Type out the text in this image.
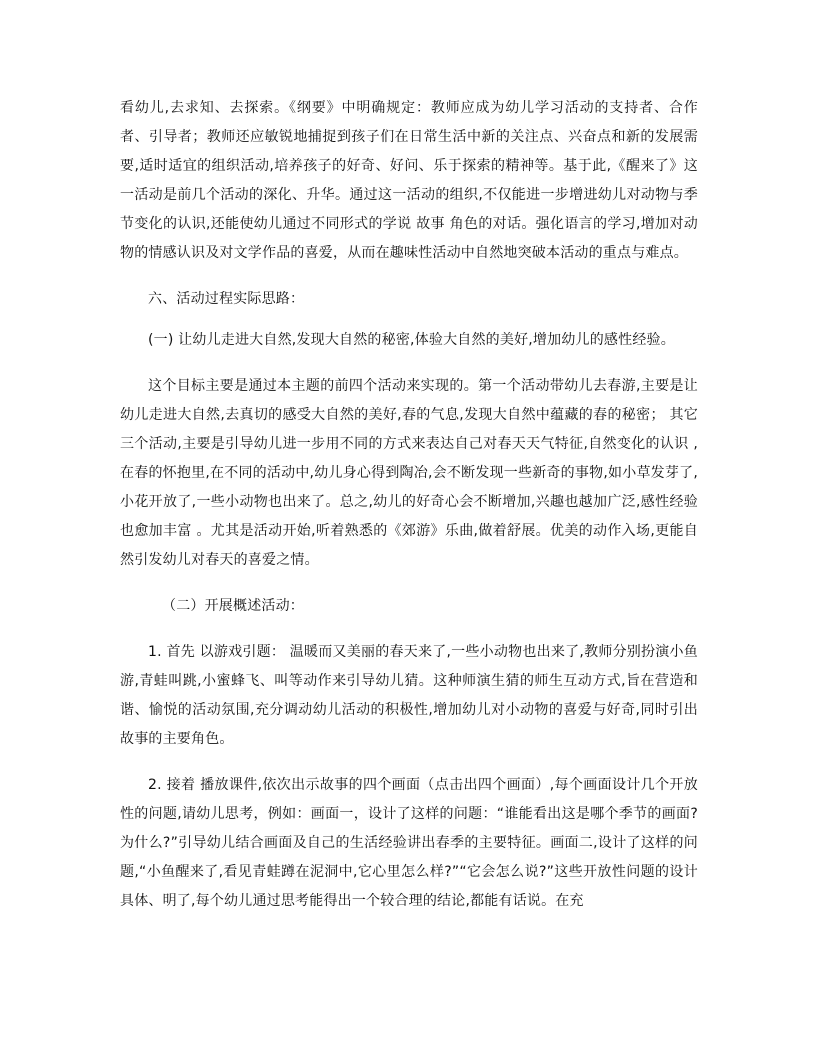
看幼儿,去求知、去探索。《纲要》中明确规定：教师应成为幼儿学习活动的支持者、合作者、引导者；教师还应敏锐地捕捉到孩子们在日常生活中新的关注点、兴奋点和新的发展需要,适时适宜的组织活动,培养孩子的好奇、好问、乐于探索的精神等。基于此,《醒来了》这一活动是前几个活动的深化、升华。通过这一活动的组织,不仅能进一步增进幼儿对动物与季节变化的认识,还能使幼儿通过不同形式的学说 故事 角色的对话。强化语言的学习,增加对动物的情感认识及对文学作品的喜爱，从而在趣味性活动中自然地突破本活动的重点与难点。

六、活动过程实际思路：

(一) 让幼儿走进大自然,发现大自然的秘密,体验大自然的美好,增加幼儿的感性经验。

这个目标主要是通过本主题的前四个活动来实现的。第一个活动带幼儿去春游,主要是让幼儿走进大自然,去真切的感受大自然的美好,春的气息,发现大自然中蕴藏的春的秘密； 其它三个活动,主要是引导幼儿进一步用不同的方式来表达自己对春天天气特征,自然变化的认识 ,在春的怀抱里,在不同的活动中,幼儿身心得到陶冶,会不断发现一些新奇的事物,如小草发芽了,小花开放了,一些小动物也出来了。总之,幼儿的好奇心会不断增加,兴趣也越加广泛,感性经验也愈加丰富 。尤其是活动开始,听着熟悉的《郊游》乐曲,做着舒展。优美的动作入场,更能自然引发幼儿对春天的喜爱之情。

（二）开展概述活动：

1. 首先 以游戏引题： 温暖而又美丽的春天来了,一些小动物也出来了,教师分别扮演小鱼游,青蛙叫跳,小蜜蜂飞、叫等动作来引导幼儿猜。这种师演生猜的师生互动方式,旨在营造和谐、愉悦的活动氛围,充分调动幼儿活动的积极性,增加幼儿对小动物的喜爱与好奇,同时引出故事的主要角色。

2. 接着 播放课件,依次出示故事的四个画面（点击出四个画面）,每个画面设计几个开放性的问题,请幼儿思考，例如：画面一，设计了这样的问题：“谁能看出这是哪个季节的画面?为什么?”引导幼儿结合画面及自己的生活经验讲出春季的主要特征。画面二,设计了这样的问题,“小鱼醒来了,看见青蛙蹲在泥洞中,它心里怎么样?”“它会怎么说?”这些开放性问题的设计具体、明了,每个幼儿通过思考能得出一个较合理的结论,都能有话说。在充
